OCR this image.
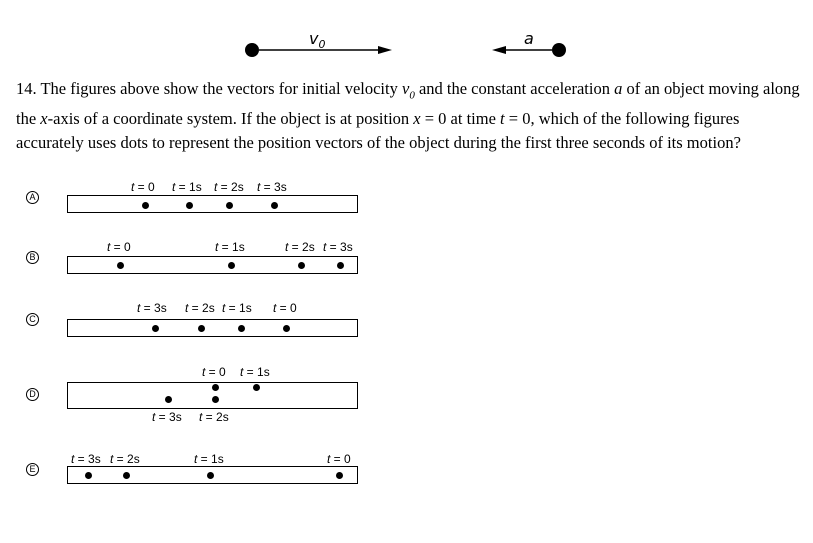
$v_0$	a
14. The figures above show the vectors for initial velocity $v_0$ and the constant acceleration a of an object moving along the x-axis of a coordinate system. If the object is at position x = 0 at time t = 0, which of the following figures accurately uses dots to represent the position vectors of the object during the first three seconds of its motion?
A
t = 0 t = 1s t = 2s t = 3s
B
t = 0	t = 1s	t = 2s t = 3s
C
t = 3s t = 2s t = 1s t = 0
D
t = 0 t = 1s
t = 3s t = 2s
E
t = 3s t = 2s	t = 1s	t = 0
